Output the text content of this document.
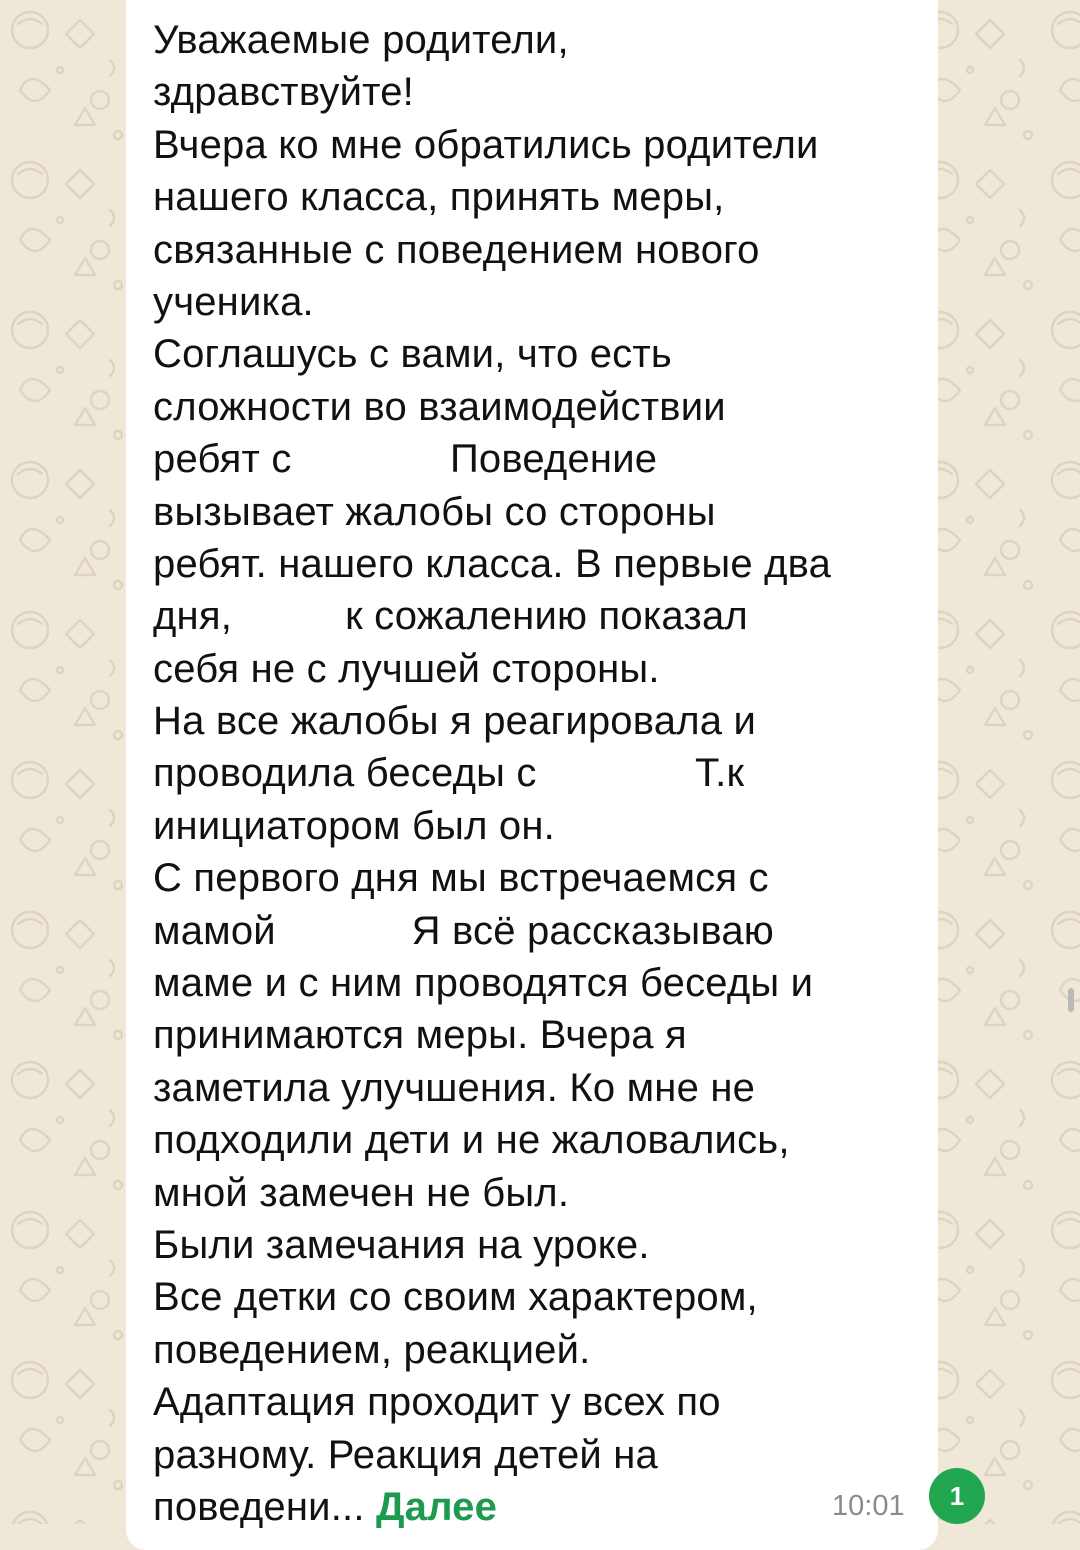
Уважаемые родители,
здравствуйте!
Вчера ко мне обратились родители
нашего класса, принять меры,
связанные с поведением нового
ученика.
Соглашусь с вами, что есть
сложности во взаимодействии
ребят с              Поведение
вызывает жалобы со стороны
ребят. нашего класса. В первые два
дня,          к сожалению показал
себя не с лучшей стороны.
На все жалобы я реагировала и
проводила беседы с              Т.к
инициатором был он.
С первого дня мы встречаемся с
мамой            Я всё рассказываю
маме и с ним проводятся беседы и
принимаются меры. Вчера я
заметила улучшения. Ко мне не
подходили дети и не жаловались,
мной замечен не был.
Были замечания на уроке.
Все детки со своим характером,
поведением, реакцией.
Адаптация проходит у всех по
разному. Реакция детей на
поведени... Далее	10:01	1
